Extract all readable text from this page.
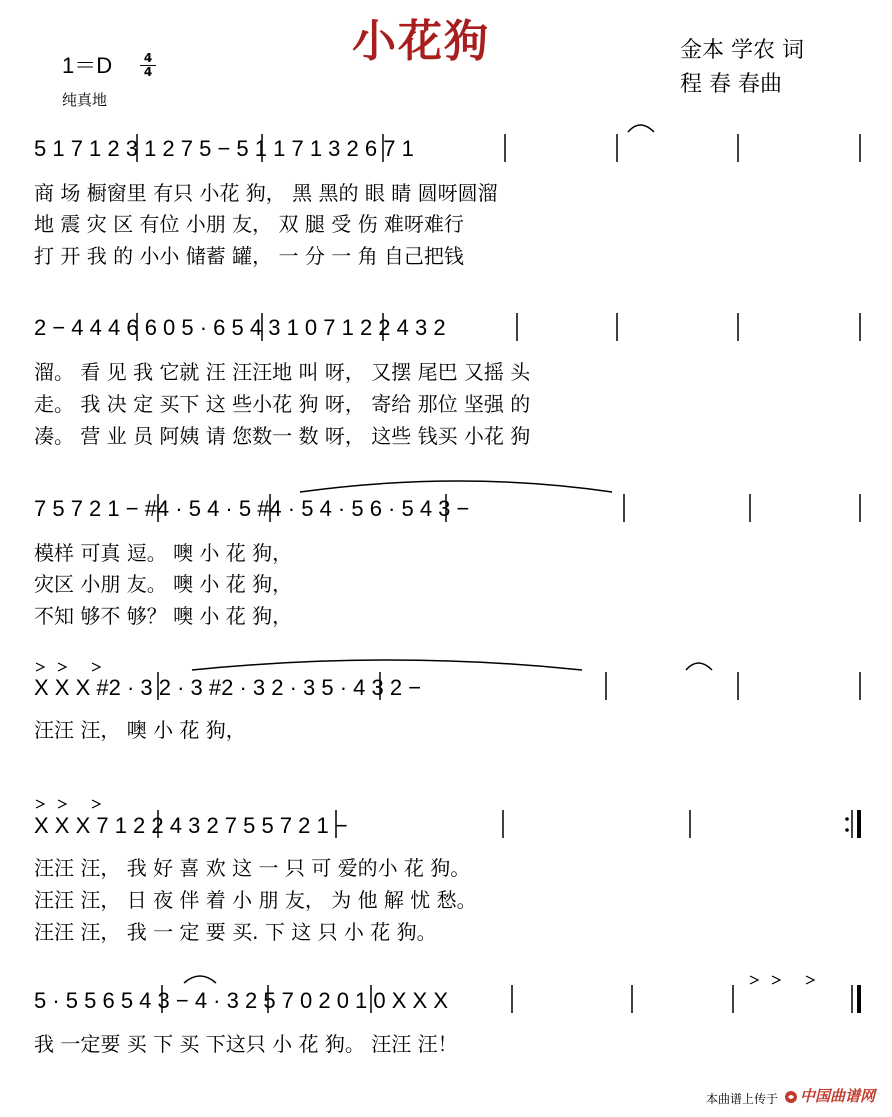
小花狗
1＝D	4
4
纯真地
金本 学农 词
程 春 春曲
5 1 7 1 2 3 1 2 7 5 − 5 1 1 7 1 3 2 6 7 1
商 场 橱窗里 有只 小花 狗， 黑 黑的 眼 睛 圆呀圆溜
地 震 灾 区 有位 小朋 友， 双 腿 受 伤 难呀难行
打 开 我 的 小小 储蓄 罐， 一 分 一 角 自己把钱
2 − 4 4 4 6 6 0 5 · 6 5 4 3 1 0 7 1 2 2 4 3 2
溜。 看 见 我 它就 汪 汪汪地 叫 呀， 又摆 尾巴 又摇 头
走。 我 决 定 买下 这 些小花 狗 呀， 寄给 那位 坚强 的
凑。 营 业 员 阿姨 请 您数一 数 呀， 这些 钱买 小花 狗
7 5 7 2 1 − #4 · 5 4 · 5 #4 · 5 4 · 5 6 · 5 4 3 −
模样 可真 逗。 噢 小 花 狗，
灾区 小朋 友。 噢 小 花 狗，
不知 够不 够？ 噢 小 花 狗，
X X X #2 · 3 2 · 3 #2 · 3 2 · 3 5 · 4 3 2 −
汪汪 汪， 噢 小 花 狗，
X X X 7 1 2 2 4 3 2 7 5 5 7 2 1 −
汪汪 汪， 我 好 喜 欢 这 一 只 可 爱的小 花 狗。
汪汪 汪， 日 夜 伴 着 小 朋 友， 为 他 解 忧 愁。
汪汪 汪， 我 一 定 要 买. 下 这 只 小 花 狗。
5 · 5 5 6 5 4 3 − 4 · 3 2 5 7 0 2 0 1 0 X X X
我 一定要 买 下 买 下这只 小 花 狗。 汪汪 汪！
本曲谱上传于 中国曲谱网
